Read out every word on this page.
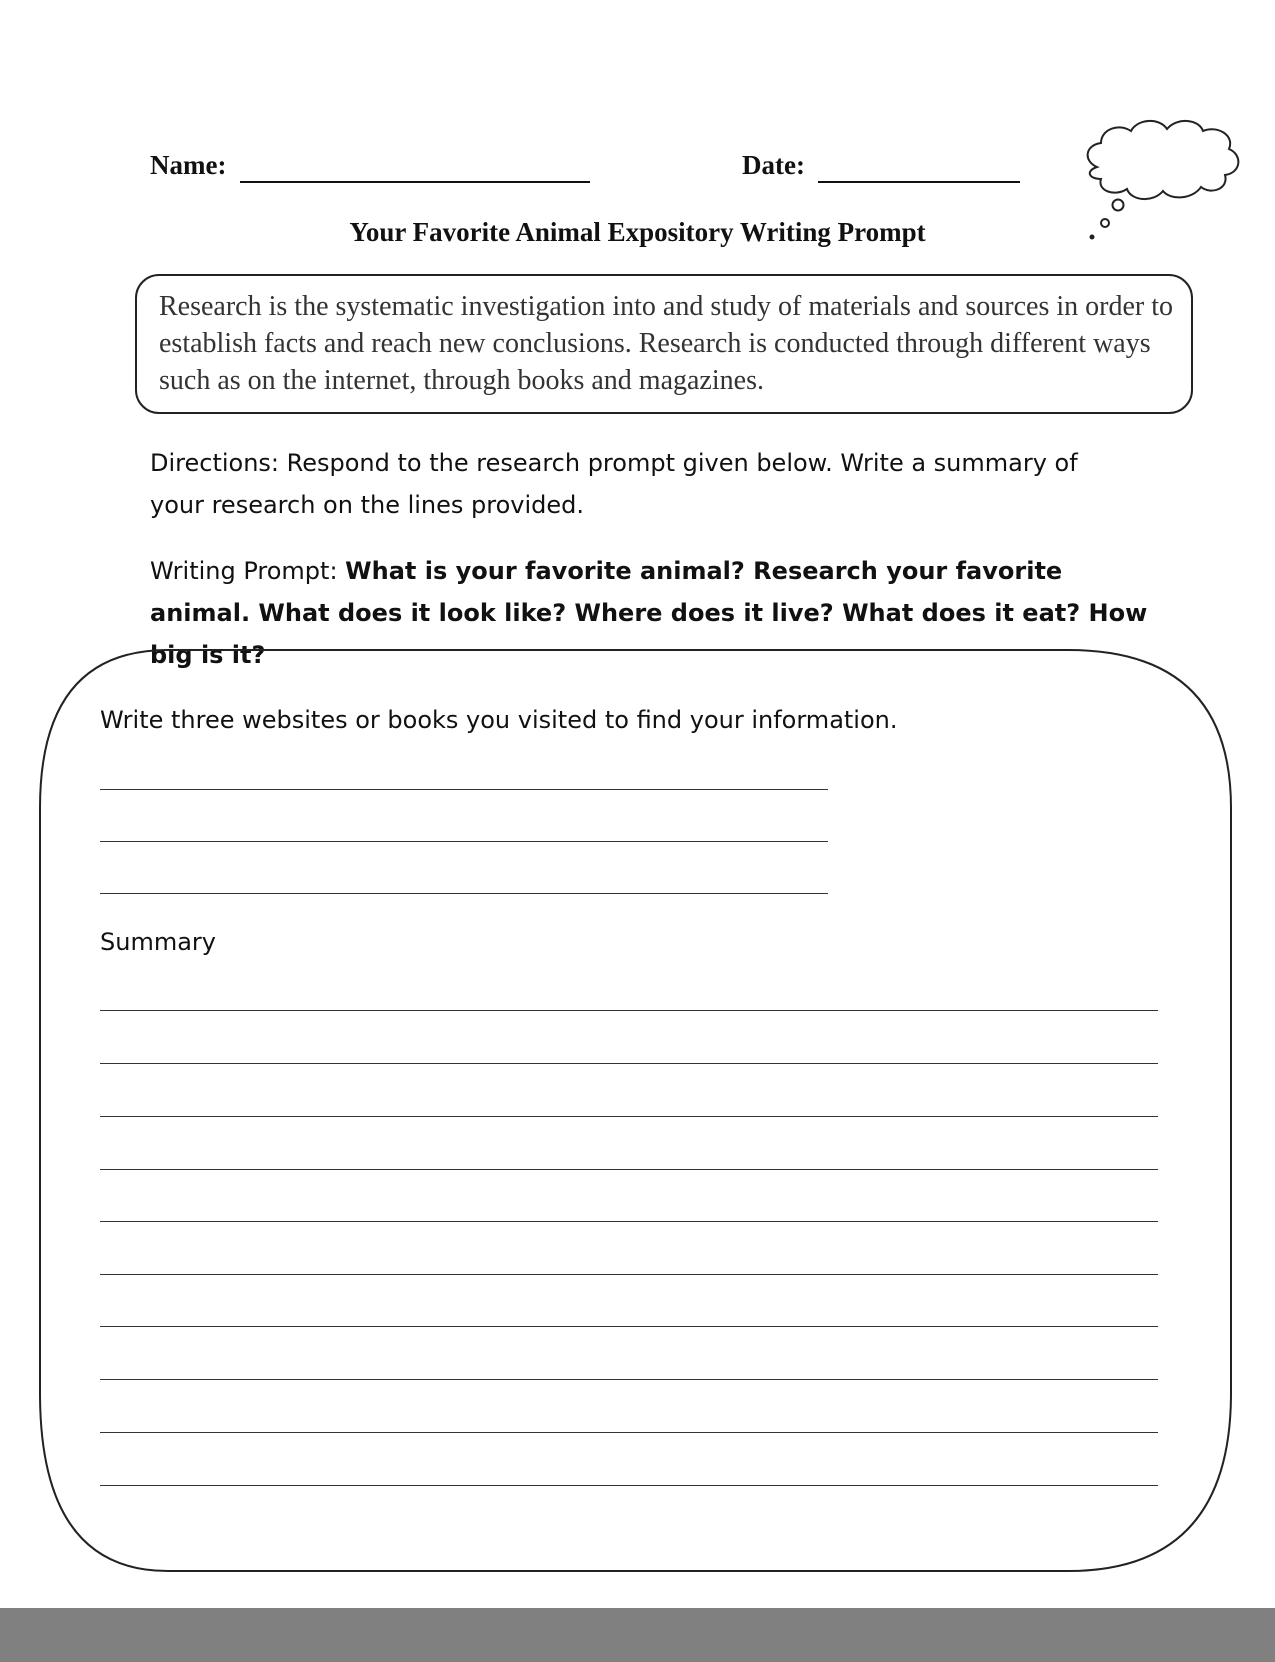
Name:	Date:
Your Favorite Animal Expository Writing Prompt
Research is the systematic investigation into and study of materials and sources in order to establish facts and reach new conclusions. Research is conducted through different ways such as on the internet, through books and magazines.
Directions: Respond to the research prompt given below. Write a summary of your research on the lines provided.
Writing Prompt: What is your favorite animal? Research your favorite animal. What does it look like? Where does it live? What does it eat? How big is it?
Write three websites or books you visited to find your information.
Summary
